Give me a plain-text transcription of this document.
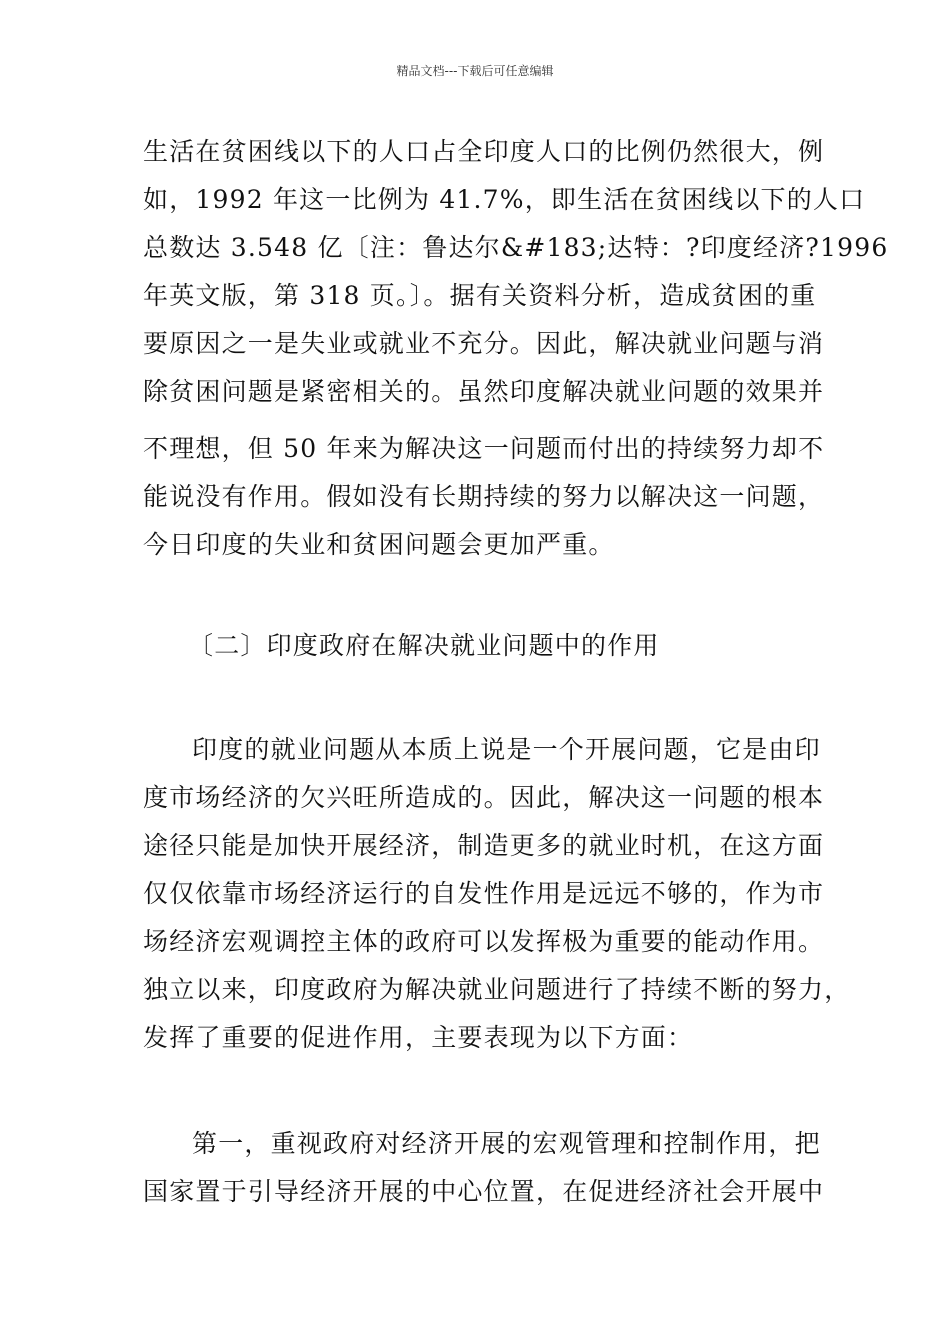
精品文档---下载后可任意编辑
生活在贫困线以下的人口占全印度人口的比例仍然很大，例
如，1992 年这一比例为 41.7%，即生活在贫困线以下的人口
总数达 3.548 亿〔注：鲁达尔&#183;达特：?印度经济?1996
年英文版，第 318 页。〕。据有关资料分析，造成贫困的重
要原因之一是失业或就业不充分。因此，解决就业问题与消
除贫困问题是紧密相关的。虽然印度解决就业问题的效果并
不理想，但 50 年来为解决这一问题而付出的持续努力却不
能说没有作用。假如没有长期持续的努力以解决这一问题，
今日印度的失业和贫困问题会更加严重。
〔二〕印度政府在解决就业问题中的作用
印度的就业问题从本质上说是一个开展问题，它是由印
度市场经济的欠兴旺所造成的。因此，解决这一问题的根本
途径只能是加快开展经济，制造更多的就业时机，在这方面
仅仅依靠市场经济运行的自发性作用是远远不够的，作为市
场经济宏观调控主体的政府可以发挥极为重要的能动作用。
独立以来，印度政府为解决就业问题进行了持续不断的努力，
发挥了重要的促进作用，主要表现为以下方面：
第一，重视政府对经济开展的宏观管理和控制作用，把
国家置于引导经济开展的中心位置，在促进经济社会开展中
